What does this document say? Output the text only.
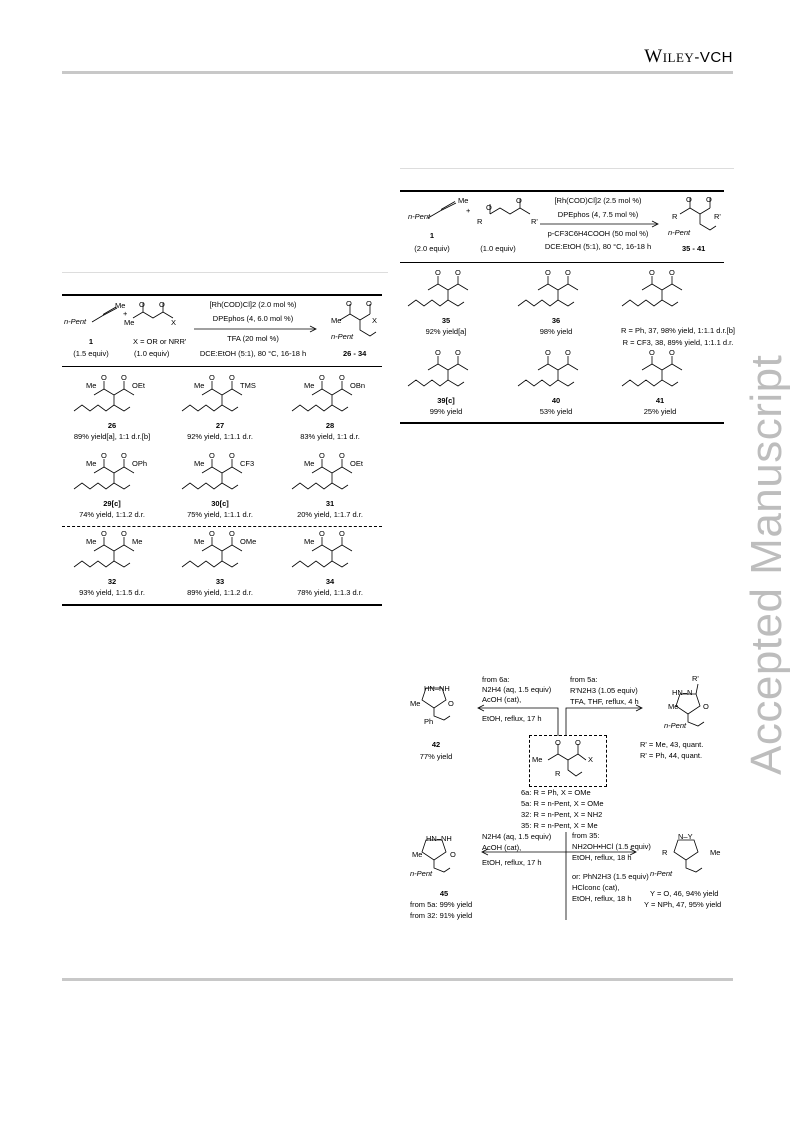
Wiley-VCH
Accepted Manuscript
n-Pent
Me
1
(1.5 equiv)
+
O O
Me	X
X = OR or NRR'
(1.0 equiv)
[Rh(COD)Cl]2 (2.0 mol %)
DPEphos (4, 6.0 mol %)
TFA (20 mol %)
DCE:EtOH (5:1), 80 °C, 16-18 h
O O
Me	X
n-Pent
26 - 34
O O
26
89% yield[a], 1:1 d.r.[b]
Me	OEt
O O
27
92% yield, 1:1.1 d.r.
Me	TMS
O O
28
83% yield, 1:1 d.r.
Me	OBn
O O
29[c]
74% yield, 1:1.2 d.r.
Me	OPh
O O
30[c]
75% yield, 1:1.1 d.r.
Me	CF3
O O
31
20% yield, 1:1.7 d.r.
Me	OEt
O O
32
93% yield, 1:1.5 d.r.
Me	Me
O O
33
89% yield, 1:1.2 d.r.
Me	OMe
O O
34
78% yield, 1:1.3 d.r.
Me
n-Pent
Me
1
(2.0 equiv)
+ O
O
R	R'
(1.0 equiv)
[Rh(COD)Cl]2 (2.5 mol %)
DPEphos (4, 7.5 mol %)
p-CF3C6H4COOH (50 mol %)
DCE:EtOH (5:1), 80 °C, 16-18 h
O O
R	R'
n-Pent
35 - 41
O O
35
92% yield[a]
O O
36
98% yield
O O
R = Ph, 37, 98% yield, 1:1.1 d.r.[b]
R = CF3, 38, 89% yield, 1:1.1 d.r.
O O
39[c]
99% yield
O O
40
53% yield
O O
41
25% yield
HN–NH
Me	O
Ph
42
77% yield
from 6a:
N2H4 (aq, 1.5 equiv)
AcOH (cat),
EtOH, reflux, 17 h
from 5a:
R'N2H3 (1.05 equiv)
TFA, THF, reflux, 4 h
R'
HN–N
Me	O
n-Pent
R' = Me, 43, quant.
R' = Ph, 44, quant.
O O
Me	X
R
6a: R = Ph, X = OMe
5a: R = n-Pent, X = OMe
32: R = n-Pent, X = NH2
35: R = n-Pent, X = Me
N2H4 (aq, 1.5 equiv)
AcOH (cat),
EtOH, reflux, 17 h
from 35:
NH2OH•HCl (1.5 equiv)
EtOH, reflux, 18 h
or: PhN2H3 (1.5 equiv)
HClconc (cat),
EtOH, reflux, 18 h
HN–NH
Me	O
n-Pent
45
from 5a: 99% yield
from 32: 91% yield
N–Y
R	Me
n-Pent
Y = O, 46, 94% yield
Y = NPh, 47, 95% yield
